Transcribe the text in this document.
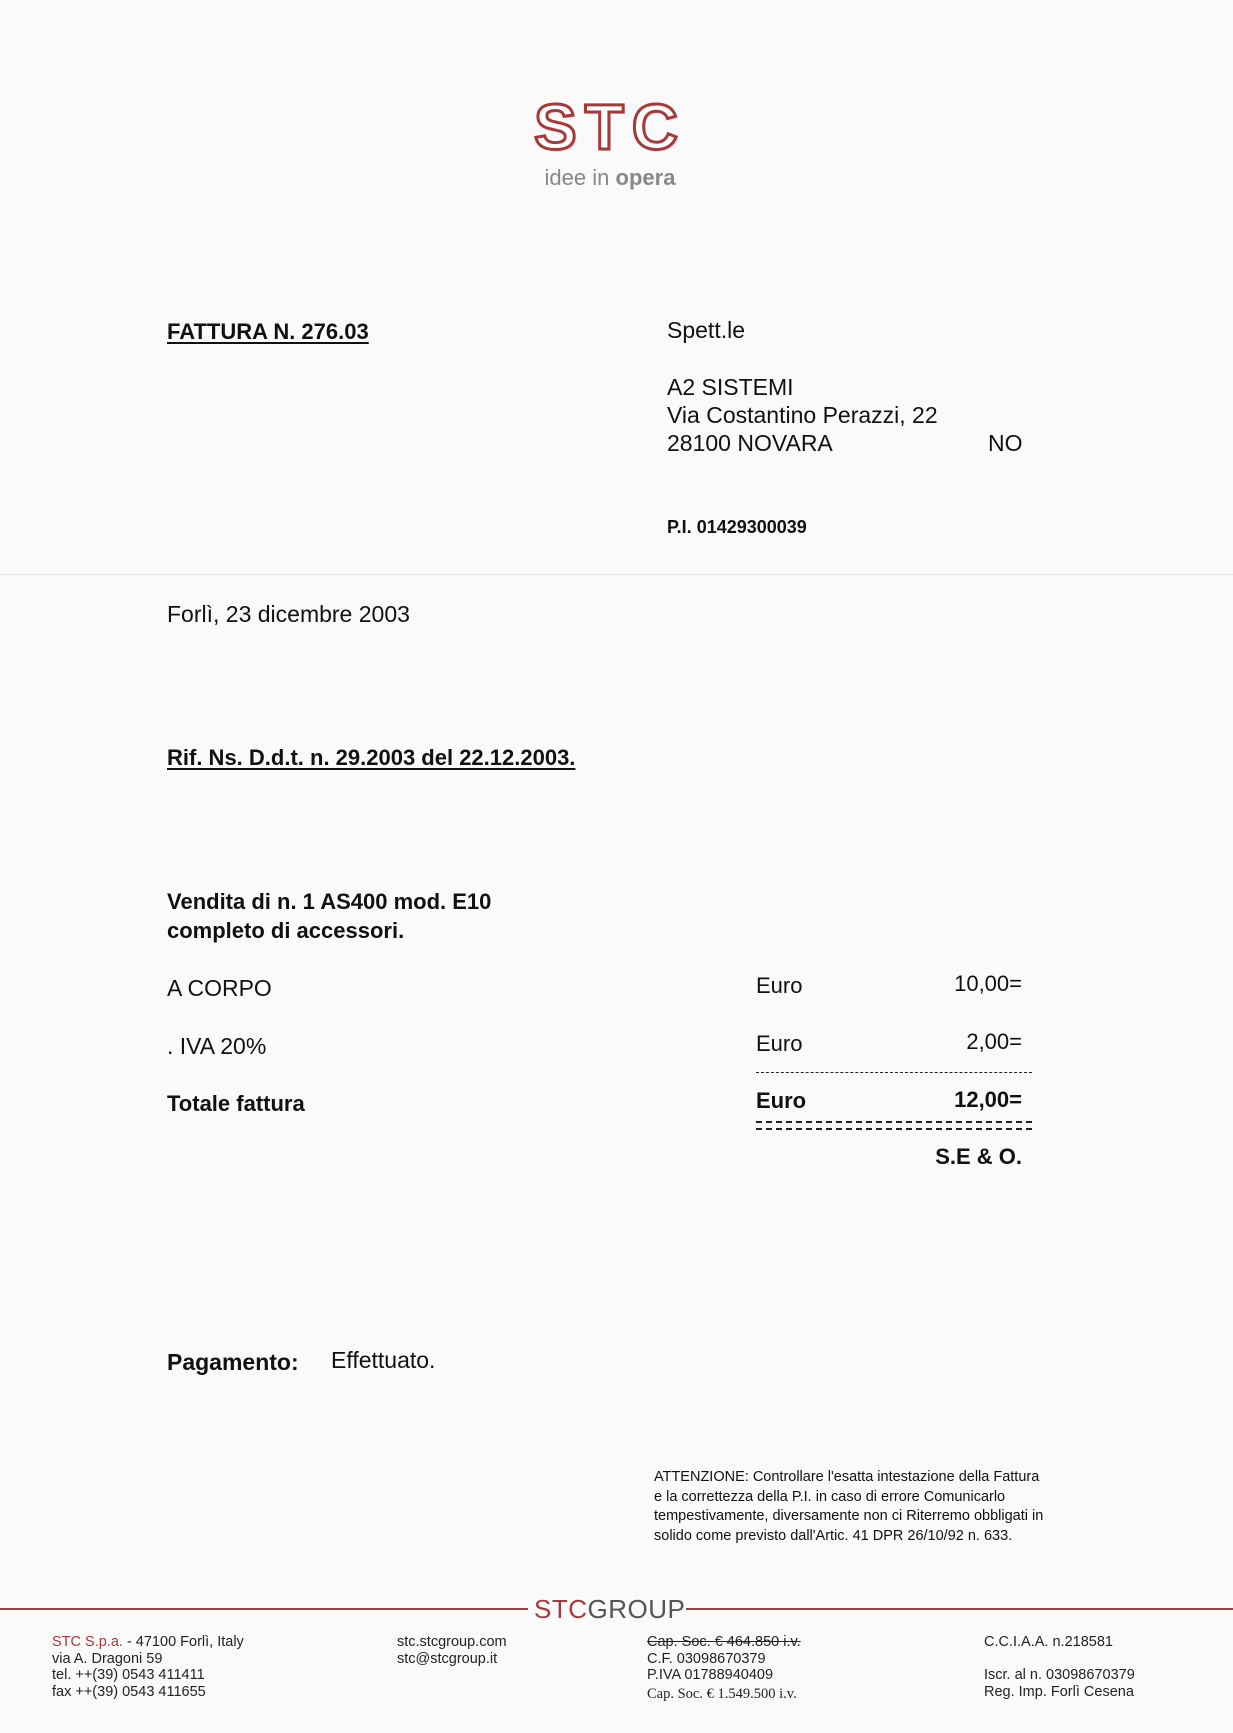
STC
idee in opera
FATTURA N. 276.03	Spett.le
A2 SISTEMI
Via Costantino Perazzi, 22
28100 NOVARA	NO
P.I. 01429300039
Forlì, 23 dicembre 2003
Rif. Ns. D.d.t. n. 29.2003 del 22.12.2003.
Vendita di n. 1 AS400 mod. E10
completo di accessori.
A CORPO	Euro	10,00=
. IVA 20%	Euro	2,00=
Totale fattura	Euro	12,00=
S.E & O.
Pagamento: Effettuato.
ATTENZIONE: Controllare l'esatta intestazione della Fattura e la correttezza della P.I. in caso di errore Comunicarlo tempestivamente, diversamente non ci Riterremo obbligati in solido come previsto dall'Artic. 41 DPR 26/10/92 n. 633.
STCGROUP
STC S.p.a. - 47100 Forlì, Italy
via A. Dragoni 59
tel. ++(39) 0543 411411
fax ++(39) 0543 411655
stc.stcgroup.com
stc@stcgroup.it
Cap. Soc. € 464.850 i.v.
C.F. 03098670379
P.IVA 01788940409
Cap. Soc. € 1.549.500 i.v.
C.C.I.A.A. n.218581
Iscr. al n. 03098670379
Reg. Imp. Forlì Cesena
